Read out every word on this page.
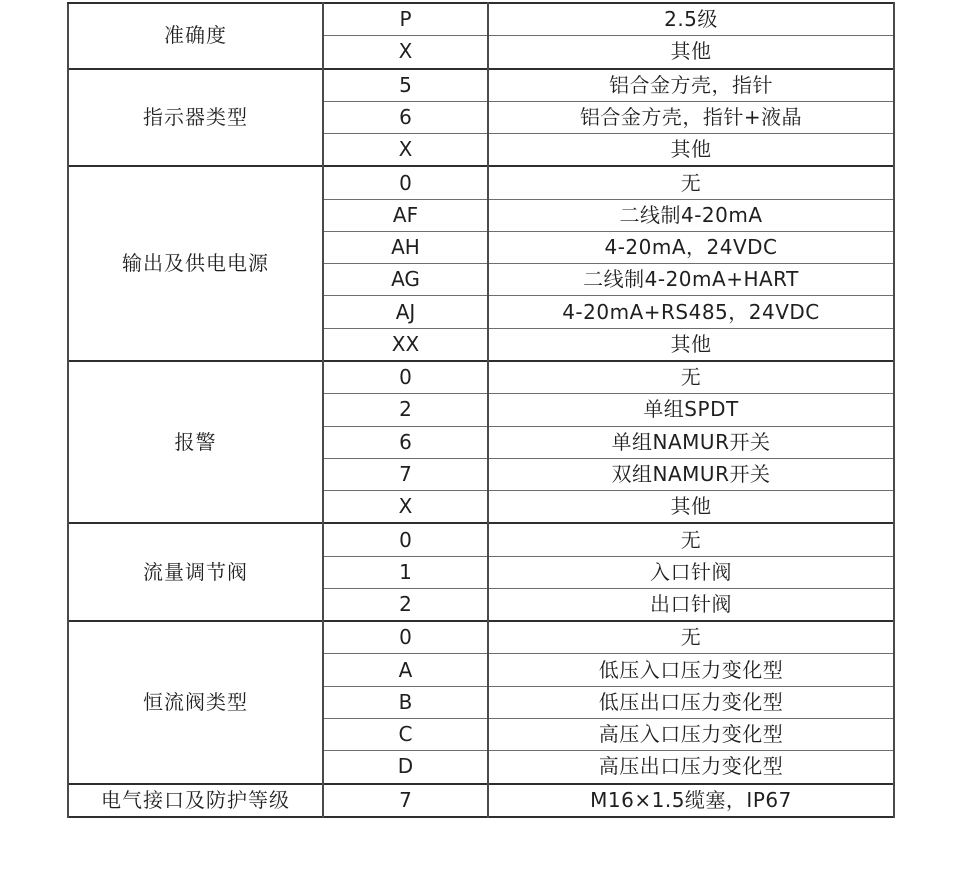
准确度	P	2.5级
	X	其他
指示器类型	5	铝合金方壳，指针
	6	铝合金方壳，指针+液晶
	X	其他
输出及供电电源	0	无
	AF	二线制4-20mA
	AH	4-20mA，24VDC
	AG	二线制4-20mA+HART
	AJ	4-20mA+RS485，24VDC
	XX	其他
报警	0	无
	2	单组SPDT
	6	单组NAMUR开关
	7	双组NAMUR开关
	X	其他
流量调节阀	0	无
	1	入口针阀
	2	出口针阀
恒流阀类型	0	无
	A	低压入口压力变化型
	B	低压出口压力变化型
	C	高压入口压力变化型
	D	高压出口压力变化型
电气接口及防护等级	7	M16×1.5缆塞，IP67
